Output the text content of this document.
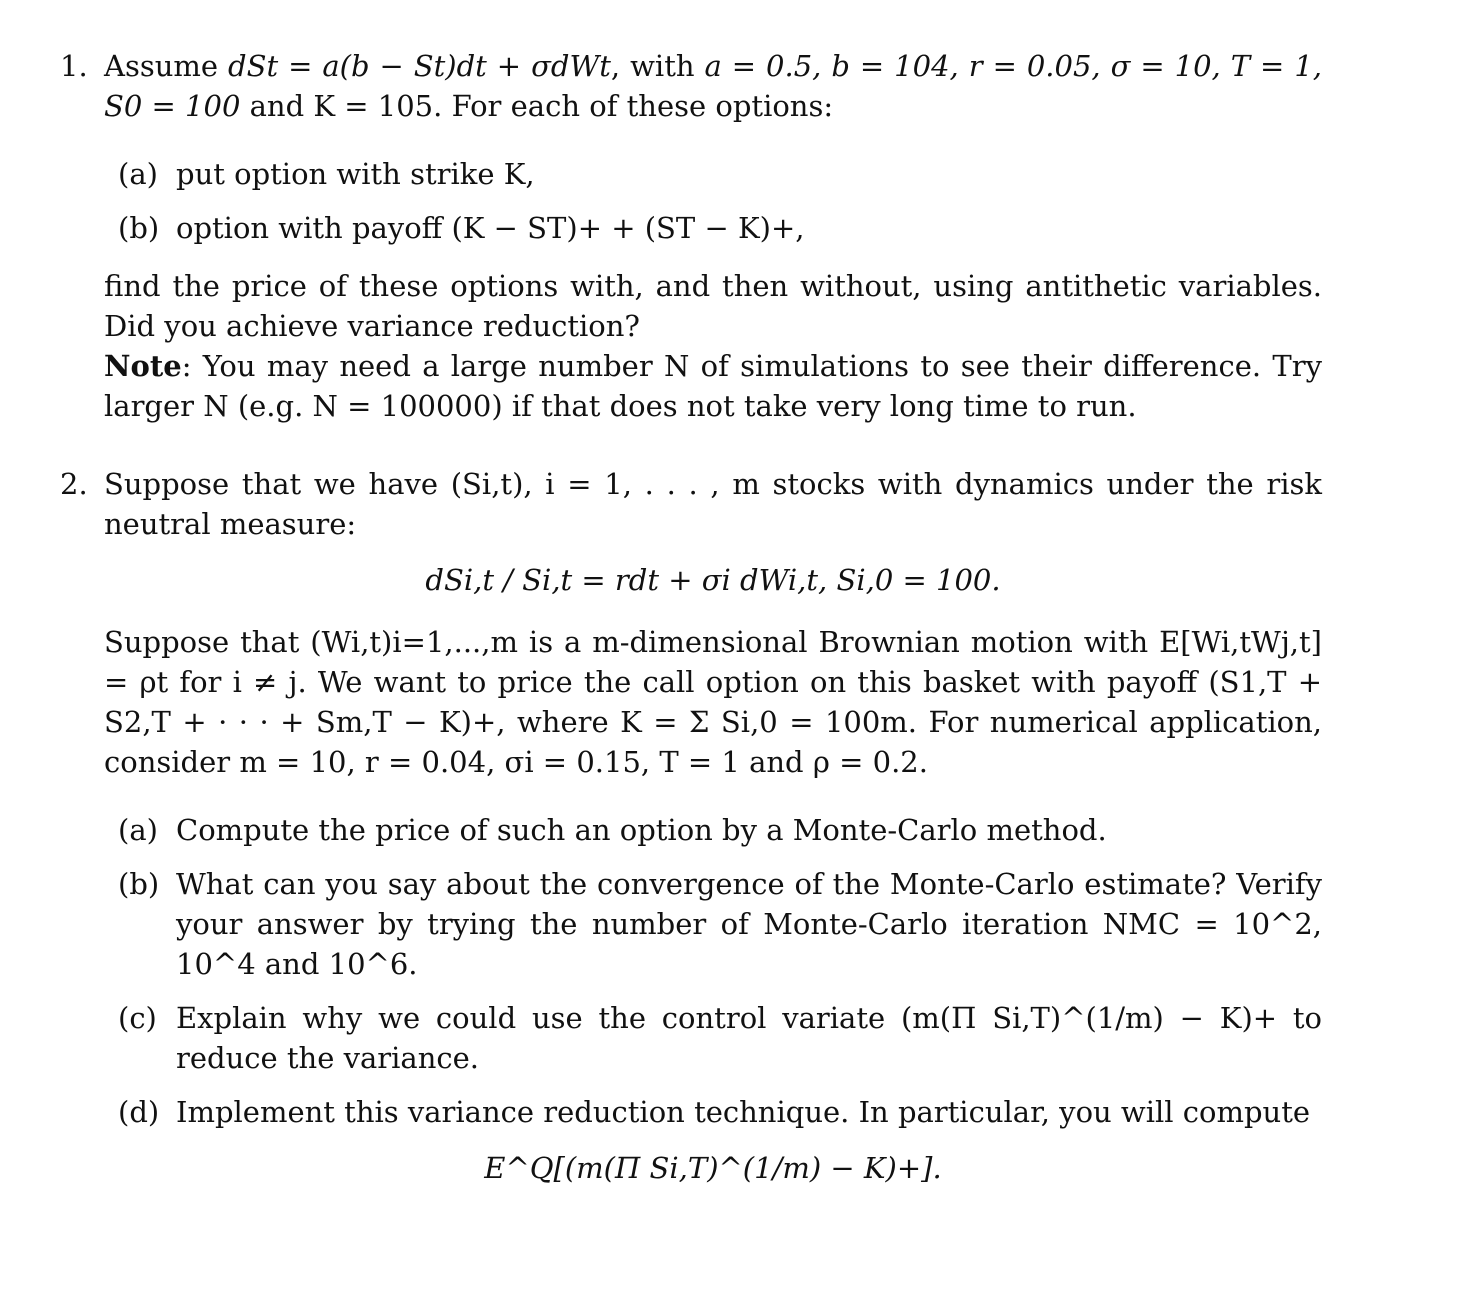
1. Assume dSt = a(b − St)dt + σdWt, with a = 0.5, b = 104, r = 0.05, σ = 10, T = 1, S0 = 100 and K = 105. For each of these options:

(a) put option with strike K,
(b) option with payoff (K − ST)+ + (ST − K)+,

find the price of these options with, and then without, using antithetic variables. Did you achieve variance reduction?

Note: You may need a large number N of simulations to see their difference. Try larger N (e.g. N = 100000) if that does not take very long time to run.

2. Suppose that we have (Si,t), i = 1, . . . , m stocks with dynamics under the risk neutral measure:

dSi,t / Si,t = rdt + σi dWi,t, Si,0 = 100.

Suppose that (Wi,t)i=1,...,m is a m-dimensional Brownian motion with E[Wi,tWj,t] = ρt for i ≠ j. We want to price the call option on this basket with payoff (S1,T + S2,T + · · · + Sm,T − K)+, where K = Σ Si,0 = 100m. For numerical application, consider m = 10, r = 0.04, σi = 0.15, T = 1 and ρ = 0.2.

(a) Compute the price of such an option by a Monte-Carlo method.
(b) What can you say about the convergence of the Monte-Carlo estimate? Verify your answer by trying the number of Monte-Carlo iteration NMC = 10^2, 10^4 and 10^6.
(c) Explain why we could use the control variate (m(Π Si,T)^(1/m) − K)+ to reduce the variance.
(d) Implement this variance reduction technique. In particular, you will compute
E^Q[(m(Π Si,T)^(1/m) − K)+].
